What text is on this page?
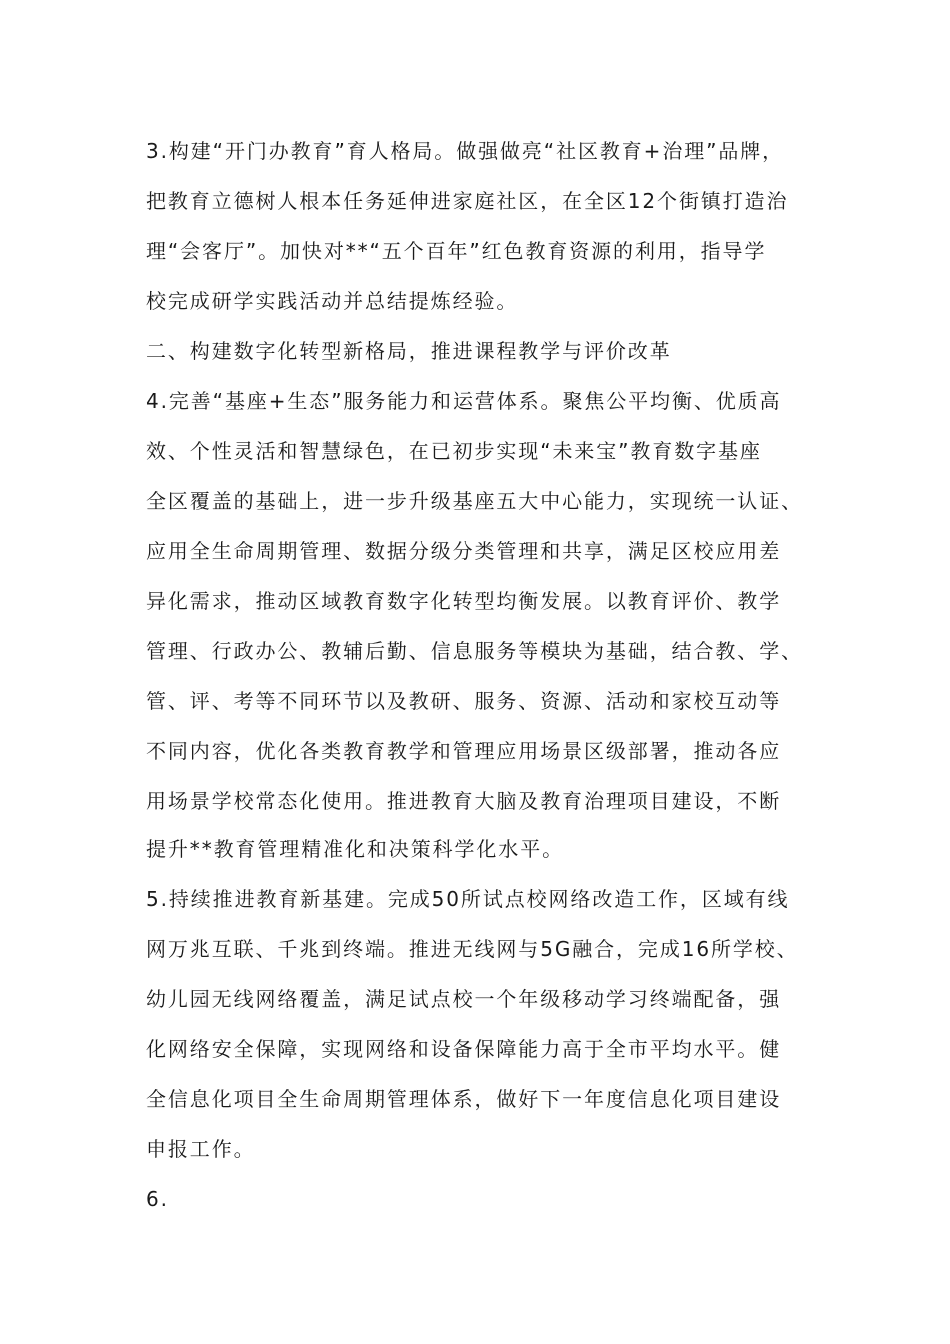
3.构建“开门办教育”育人格局。做强做亮“社区教育+治理”品牌，
把教育立德树人根本任务延伸进家庭社区，在全区12个街镇打造治
理“会客厅”。加快对**“五个百年”红色教育资源的利用，指导学
校完成研学实践活动并总结提炼经验。
二、构建数字化转型新格局，推进课程教学与评价改革
4.完善“基座+生态”服务能力和运营体系。聚焦公平均衡、优质高
效、个性灵活和智慧绿色，在已初步实现“未来宝”教育数字基座
全区覆盖的基础上，进一步升级基座五大中心能力，实现统一认证、
应用全生命周期管理、数据分级分类管理和共享，满足区校应用差
异化需求，推动区域教育数字化转型均衡发展。以教育评价、教学
管理、行政办公、教辅后勤、信息服务等模块为基础，结合教、学、
管、评、考等不同环节以及教研、服务、资源、活动和家校互动等
不同内容，优化各类教育教学和管理应用场景区级部署，推动各应
用场景学校常态化使用。推进教育大脑及教育治理项目建设，不断
提升**教育管理精准化和决策科学化水平。
5.持续推进教育新基建。完成50所试点校网络改造工作，区域有线
网万兆互联、千兆到终端。推进无线网与5G融合，完成16所学校、
幼儿园无线网络覆盖，满足试点校一个年级移动学习终端配备，强
化网络安全保障，实现网络和设备保障能力高于全市平均水平。健
全信息化项目全生命周期管理体系，做好下一年度信息化项目建设
申报工作。
6.
